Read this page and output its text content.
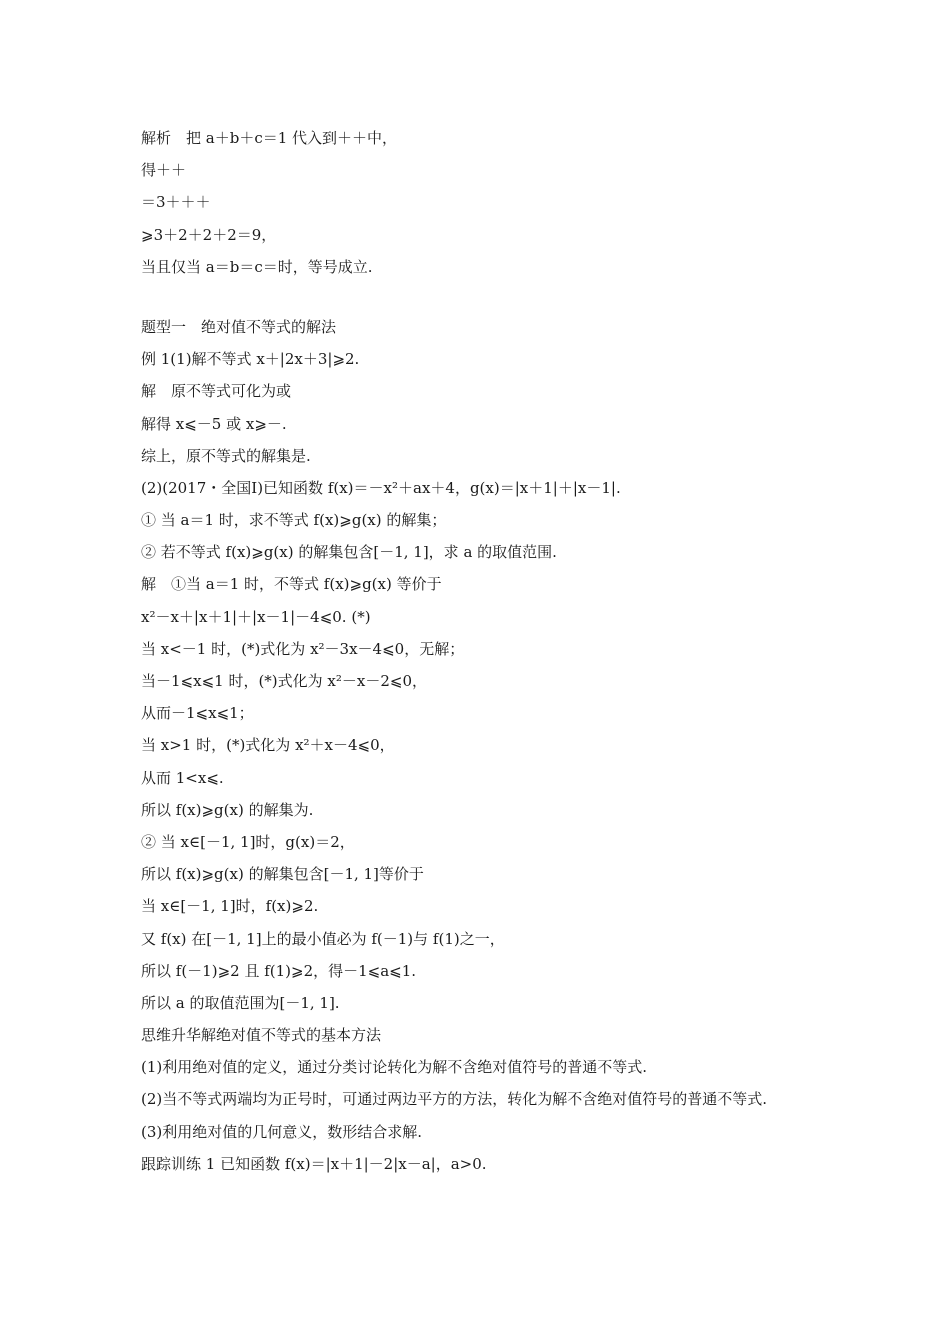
解析　把 a＋b＋c＝1 代入到＋＋中，
得＋＋
＝3＋＋＋
⩾3＋2＋2＋2＝9，
当且仅当 a＝b＝c＝时，等号成立.
题型一　绝对值不等式的解法
例 1(1)解不等式 x＋|2x＋3|⩾2.
解　原不等式可化为或
解得 x⩽－5 或 x⩾－.
综上，原不等式的解集是.
(2)(2017・全国Ⅰ)已知函数 f(x)＝－x²＋ax＋4，g(x)＝|x＋1|＋|x－1|.
① 当 a＝1 时，求不等式 f(x)⩾g(x) 的解集；
② 若不等式 f(x)⩾g(x) 的解集包含[－1, 1]，求 a 的取值范围.
解　①当 a＝1 时，不等式 f(x)⩾g(x) 等价于
x²－x＋|x＋1|＋|x－1|－4⩽0. (*)
当 x<－1 时，(*)式化为 x²－3x－4⩽0，无解；
当－1⩽x⩽1 时，(*)式化为 x²－x－2⩽0，
从而－1⩽x⩽1；
当 x>1 时，(*)式化为 x²＋x－4⩽0，
从而 1<x⩽.
所以 f(x)⩾g(x) 的解集为.
② 当 x∈[－1, 1]时，g(x)＝2，
所以 f(x)⩾g(x) 的解集包含[－1, 1]等价于
当 x∈[－1, 1]时，f(x)⩾2.
又 f(x) 在[－1, 1]上的最小值必为 f(－1)与 f(1)之一，
所以 f(－1)⩾2 且 f(1)⩾2，得－1⩽a⩽1.
所以 a 的取值范围为[－1, 1].
思维升华解绝对值不等式的基本方法
(1)利用绝对值的定义，通过分类讨论转化为解不含绝对值符号的普通不等式.
(2)当不等式两端均为正号时，可通过两边平方的方法，转化为解不含绝对值符号的普通不等式.
(3)利用绝对值的几何意义，数形结合求解.
跟踪训练 1 已知函数 f(x)＝|x＋1|－2|x－a|，a>0.
